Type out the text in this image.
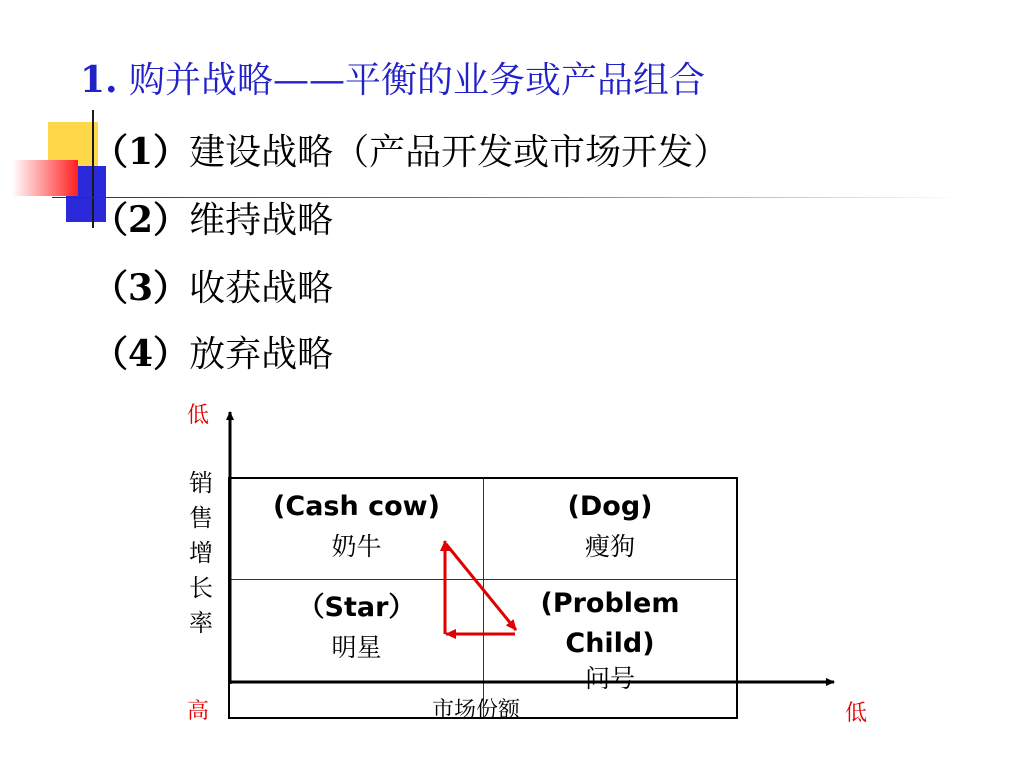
1. 购并战略——平衡的业务或产品组合
（1）建设战略（产品开发或市场开发）
（2）维持战略
（3）收获战略
（4）放弃战略
低
高	低
销
售
增
长
率
(Cash cow)
奶牛
(Dog)
瘦狗
（Star）
明星
(Problem
Child)
问号
市场份额
